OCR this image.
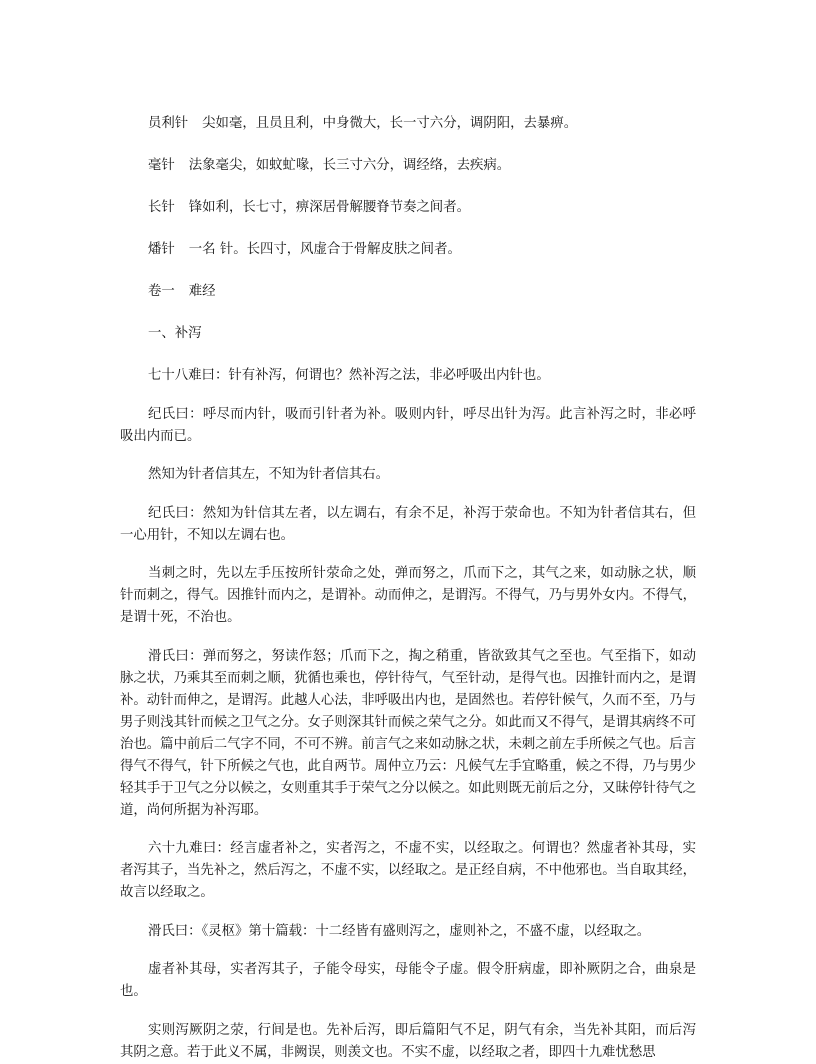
员利针 尖如毫，且员且利，中身微大，长一寸六分，调阴阳，去暴痹。

毫针 法象毫尖，如蚊虻喙，长三寸六分，调经络，去疾病。

长针 锋如利，长七寸，痹深居骨解腰脊节奏之间者。

燔针 一名 针。长四寸，风虚合于骨解皮肤之间者。

卷一 难经

一、补泻

七十八难曰：针有补泻，何谓也？然补泻之法，非必呼吸出内针也。

纪氏曰：呼尽而内针，吸而引针者为补。吸则内针，呼尽出针为泻。此言补泻之时，非必呼吸出内而已。

然知为针者信其左，不知为针者信其右。

纪氏曰：然知为针信其左者，以左调右，有余不足，补泻于荥命也。不知为针者信其右，但一心用针，不知以左调右也。

当刺之时，先以左手压按所针荥命之处，弹而努之，爪而下之，其气之来，如动脉之状，顺针而刺之，得气。因推针而内之，是谓补。动而伸之，是谓泻。不得气，乃与男外女内。不得气，是谓十死，不治也。

滑氏曰：弹而努之，努读作怒；爪而下之，掏之稍重，皆欲致其气之至也。气至指下，如动脉之状，乃乘其至而刺之顺，犹循也乘也，停针待气，气至针动，是得气也。因推针而内之，是谓补。动针而伸之，是谓泻。此越人心法，非呼吸出内也，是固然也。若停针候气，久而不至，乃与男子则浅其针而候之卫气之分。女子则深其针而候之荣气之分。如此而又不得气，是谓其病终不可治也。篇中前后二气字不同，不可不辨。前言气之来如动脉之状，未刺之前左手所候之气也。后言得气不得气，针下所候之气也，此自两节。周仲立乃云：凡候气左手宜略重，候之不得，乃与男少轻其手于卫气之分以候之，女则重其手于荣气之分以候之。如此则既无前后之分，又昧停针待气之道，尚何所据为补泻耶。

六十九难曰：经言虚者补之，实者泻之，不虚不实，以经取之。何谓也？然虚者补其母，实者泻其子，当先补之，然后泻之，不虚不实，以经取之。是正经自病，不中他邪也。当自取其经，故言以经取之。

滑氏曰：《灵枢》第十篇载：十二经皆有盛则泻之，虚则补之，不盛不虚，以经取之。

虚者补其母，实者泻其子，子能令母实，母能令子虚。假令肝病虚，即补厥阴之合，曲泉是也。

实则泻厥阴之荥，行间是也。先补后泻，即后篇阳气不足，阴气有余，当先补其阳，而后泻其阴之意。若于此义不属，非阙误，则羡文也。不实不虚，以经取之者，即四十九难忧愁思
